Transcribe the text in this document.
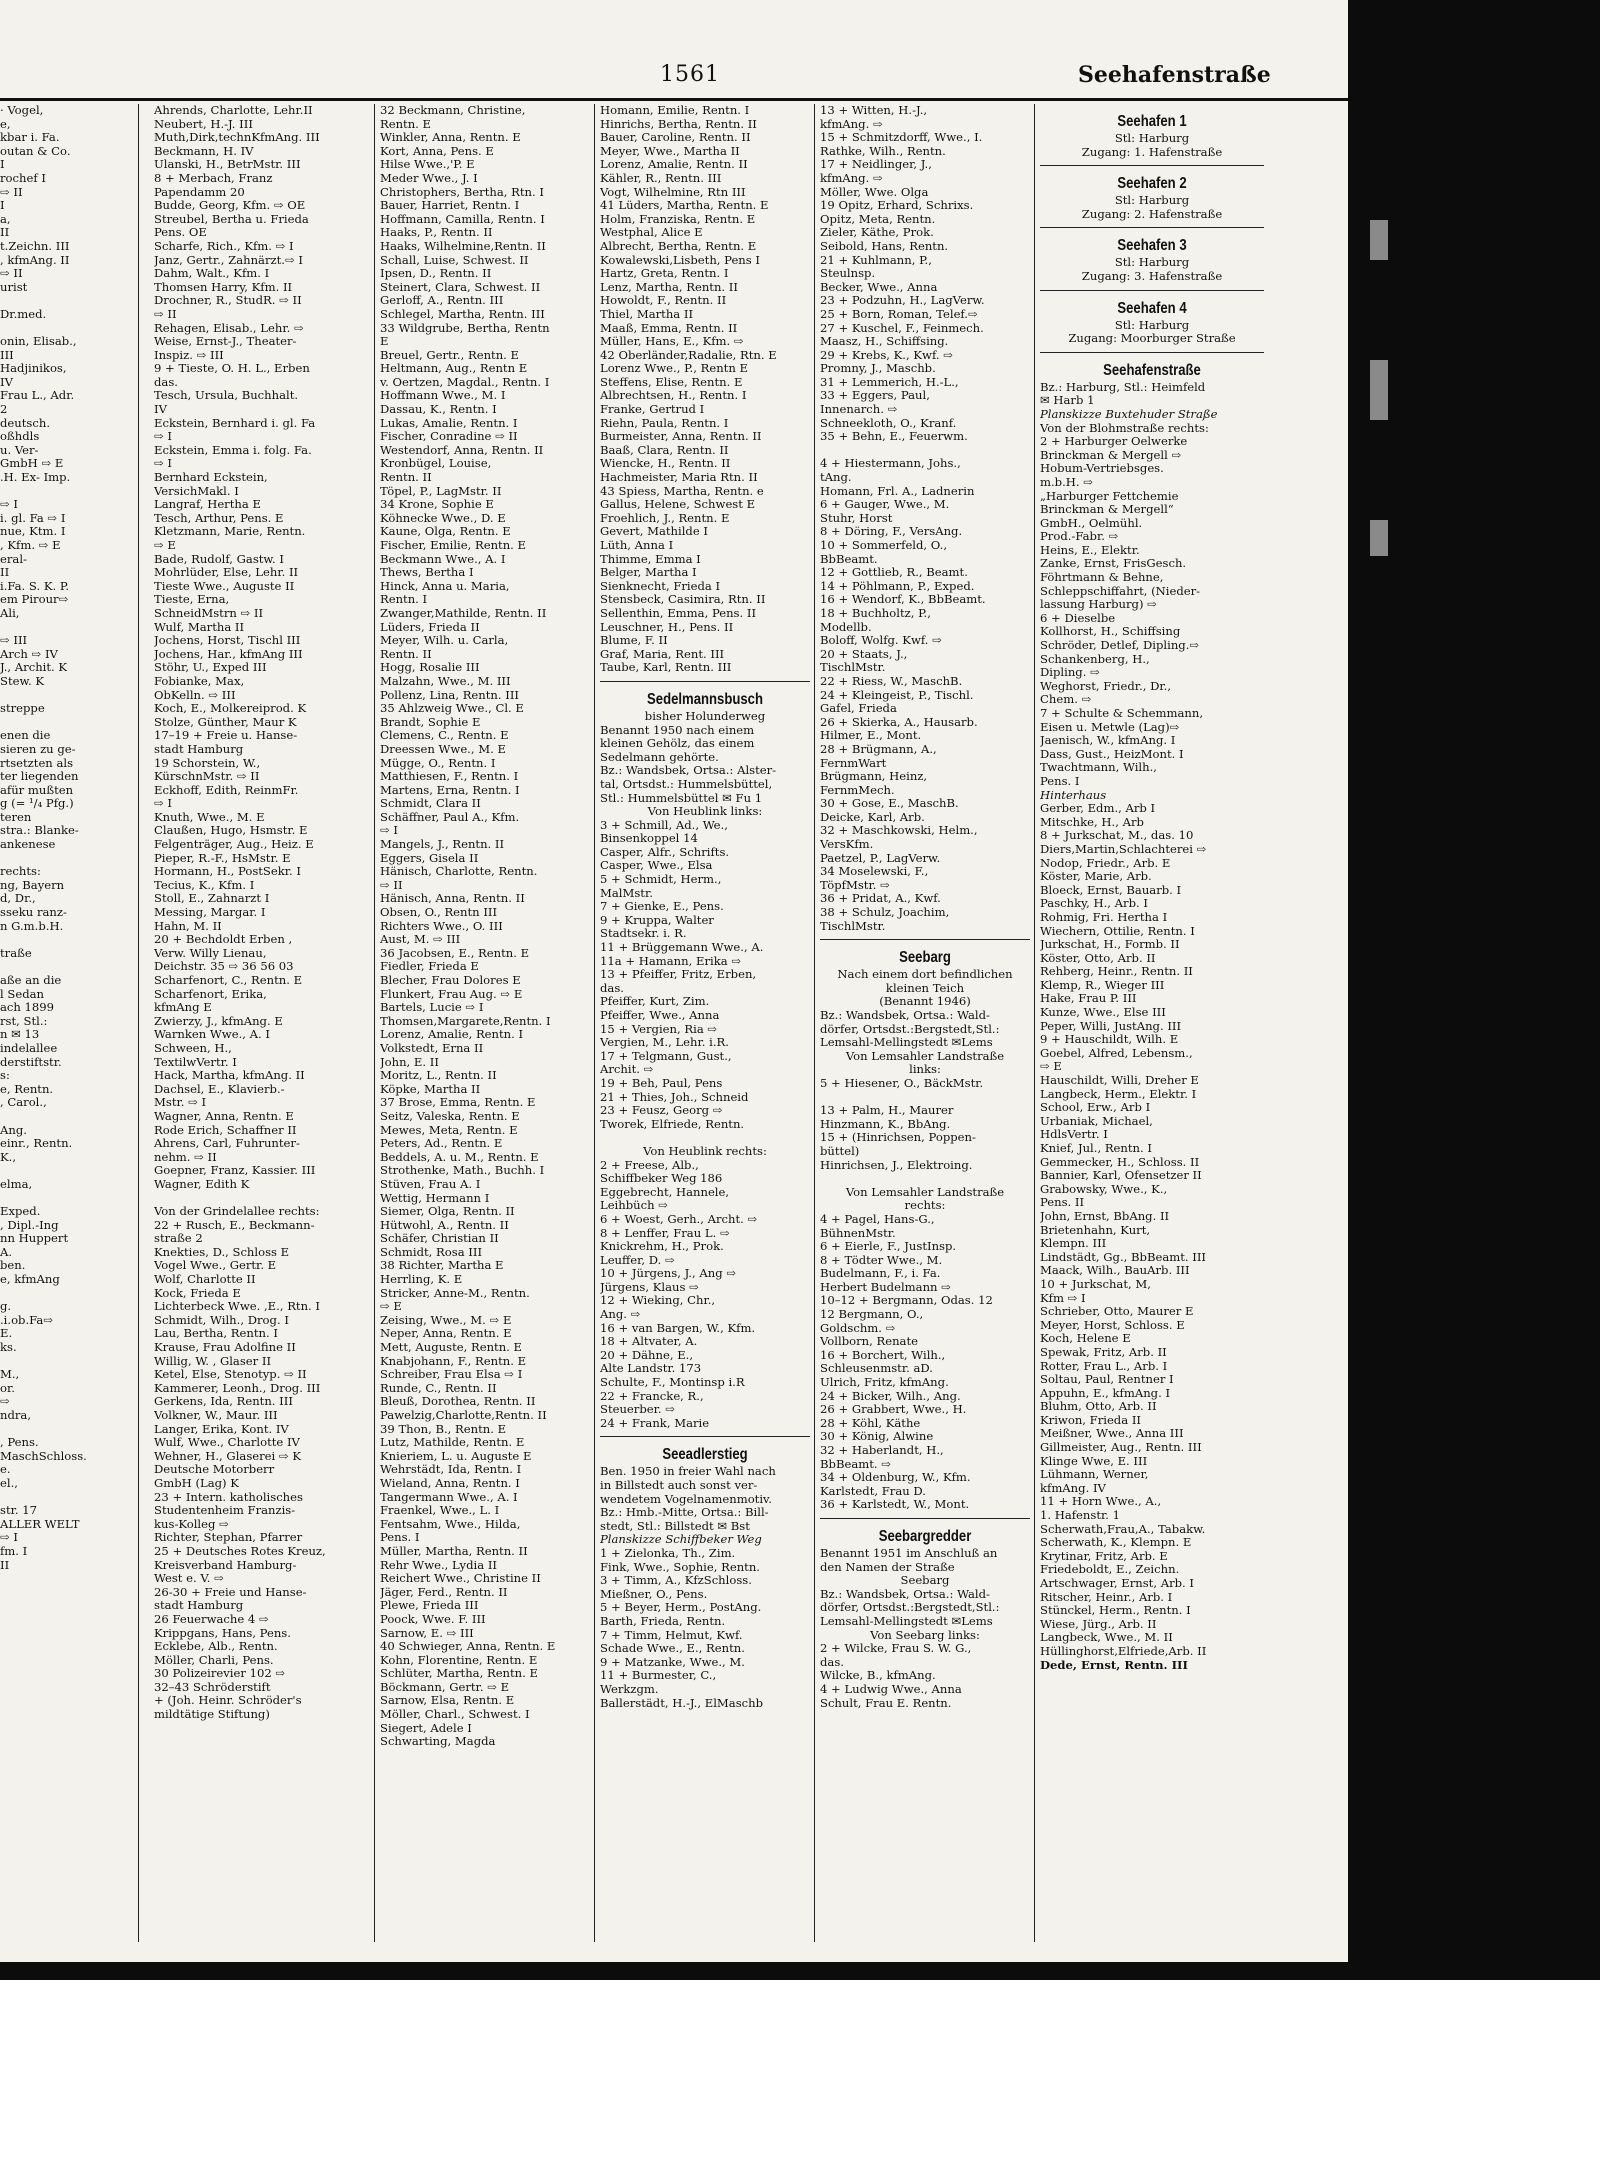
1561	Seehafenstraße
· Vogel,
e,
kbar i. Fa.
outan & Co.
I
rochef I
⇨ II
I
a,
II
t.Zeichn. III
, kfmAng. II
⇨ II
urist

Dr.med.

onin, Elisab.,
III
Hadjinikos,
IV
Frau L., Adr.
2
deutsch.
oßhdls
u. Ver-
GmbH ⇨ E
.H. Ex- Imp.

⇨ I
i. gl. Fa ⇨ I
nue, Ktm. I
, Kfm. ⇨ E
eral-
II
i.Fa. S. K. P.
em Pirour⇨
Ali,

⇨ III
Arch ⇨ IV
J., Archit. K
Stew. K

streppe

enen die
sieren zu ge-
rtsetzten als
ter liegenden
afür mußten
g (= ¹/₄ Pfg.)
teren
stra.: Blanke-
ankenese

rechts:
ng, Bayern
d, Dr.,
sseku ranz-
n G.m.b.H.

traße

aße an die
l Sedan
ach 1899
rst, Stl.:
n ✉ 13
indelallee
derstiftstr.
s:
e, Rentn.
, Carol.,

Ang.
einr., Rentn.
K.,

elma,

Exped.
, Dipl.-Ing
nn Huppert
A.
ben.
e, kfmAng

g.
.i.ob.Fa⇨
E.
ks.

M.,
or.
⇨
ndra,

, Pens.
MaschSchloss.
e.
el.,

str. 17
ALLER WELT
⇨ I
fm. I
II
Ahrends, Charlotte, Lehr.II
Neubert, H.-J. III
Muth,Dirk,technKfmAng. III
Beckmann, H. IV
Ulanski, H., BetrMstr. III
8 + Merbach, Franz
Papendamm 20
Budde, Georg, Kfm. ⇨ OE
Streubel, Bertha u. Frieda
Pens. OE
Scharfe, Rich., Kfm. ⇨ I
Janz, Gertr., Zahnärzt.⇨ I
Dahm, Walt., Kfm. I
Thomsen Harry, Kfm. II
Drochner, R., StudR. ⇨ II
⇨ II
Rehagen, Elisab., Lehr. ⇨
Weise, Ernst-J., Theater-
Inspiz. ⇨ III
9 + Tieste, O. H. L., Erben
das.
Tesch, Ursula, Buchhalt.
IV
Eckstein, Bernhard i. gl. Fa
⇨ I
Eckstein, Emma i. folg. Fa.
⇨ I
Bernhard Eckstein,
VersichMakl. I
Langraf, Hertha E
Tesch, Arthur, Pens. E
Kletzmann, Marie, Rentn.
⇨ E
Bade, Rudolf, Gastw. I
Mohrlüder, Else, Lehr. II
Tieste Wwe., Auguste II
Tieste, Erna,
SchneidMstrn ⇨ II
Wulf, Martha II
Jochens, Horst, Tischl III
Jochens, Har., kfmAng III
Stöhr, U., Exped III
Fobianke, Max,
ObKelln. ⇨ III
Koch, E., Molkereiprod. K
Stolze, Günther, Maur K
17–19 + Freie u. Hanse-
stadt Hamburg
19 Schorstein, W.,
KürschnMstr. ⇨ II
Eckhoff, Edith, ReinmFr.
⇨ I
Knuth, Wwe., M. E
Claußen, Hugo, Hsmstr. E
Felgenträger, Aug., Heiz. E
Pieper, R.-F., HsMstr. E
Hormann, H., PostSekr. I
Tecius, K., Kfm. I
Stoll, E., Zahnarzt I
Messing, Margar. I
Hahn, M. II
20 + Bechdoldt Erben ,
Verw. Willy Lienau,
Deichstr. 35 ⇨ 36 56 03
Scharfenort, C., Rentn. E
Scharfenort, Erika,
kfmAng E
Zwierzy, J., kfmAng. E
Warnken Wwe., A. I
Schween, H.,
TextilwVertr. I
Hack, Martha, kfmAng. II
Dachsel, E., Klavierb.-
Mstr. ⇨ I
Wagner, Anna, Rentn. E
Rode Erich, Schaffner II
Ahrens, Carl, Fuhrunter-
nehm. ⇨ II
Goepner, Franz, Kassier. III
Wagner, Edith K

Von der Grindelallee rechts:
22 + Rusch, E., Beckmann-
straße 2
Knekties, D., Schloss E
Vogel Wwe., Gertr. E
Wolf, Charlotte II
Kock, Frieda E
Lichterbeck Wwe. ,E., Rtn. I
Schmidt, Wilh., Drog. I
Lau, Bertha, Rentn. I
Krause, Frau Adolfine II
Willig, W. , Glaser II
Ketel, Else, Stenotyp. ⇨ II
Kammerer, Leonh., Drog. III
Gerkens, Ida, Rentn. III
Volkner, W., Maur. III
Langer, Erika, Kont. IV
Wulf, Wwe., Charlotte IV
Wehner, H., Glaserei ⇨ K
Deutsche Motorberr
GmbH (Lag) K
23 + Intern. katholisches
Studentenheim Franzis-
kus-Kolleg ⇨
Richter, Stephan, Pfarrer
25 + Deutsches Rotes Kreuz,
Kreisverband Hamburg-
West e. V. ⇨
26-30 + Freie und Hanse-
stadt Hamburg
26 Feuerwache 4 ⇨
Krippgans, Hans, Pens.
Ecklebe, Alb., Rentn.
Möller, Charli, Pens.
30 Polizeirevier 102 ⇨
32–43 Schröderstift
+ (Joh. Heinr. Schröder's
mildtätige Stiftung)
32 Beckmann, Christine,
Rentn. E
Winkler, Anna, Rentn. E
Kort, Anna, Pens. E
Hilse Wwe.,'P. E
Meder Wwe., J. I
Christophers, Bertha, Rtn. I
Bauer, Harriet, Rentn. I
Hoffmann, Camilla, Rentn. I
Haaks, P., Rentn. II
Haaks, Wilhelmine,Rentn. II
Schall, Luise, Schwest. II
Ipsen, D., Rentn. II
Steinert, Clara, Schwest. II
Gerloff, A., Rentn. III
Schlegel, Martha, Rentn. III
33 Wildgrube, Bertha, Rentn
E
Breuel, Gertr., Rentn. E
Heltmann, Aug., Rentn E
v. Oertzen, Magdal., Rentn. I
Hoffmann Wwe., M. I
Dassau, K., Rentn. I
Lukas, Amalie, Rentn. I
Fischer, Conradine ⇨ II
Westendorf, Anna, Rentn. II
Kronbügel, Louise,
Rentn. II
Töpel, P., LagMstr. II
34 Krone, Sophie E
Köhnecke Wwe., D. E
Kaune, Olga, Rentn. E
Fischer, Emilie, Rentn. E
Beckmann Wwe., A. I
Thews, Bertha I
Hinck, Anna u. Maria,
Rentn. I
Zwanger,Mathilde, Rentn. II
Lüders, Frieda II
Meyer, Wilh. u. Carla,
Rentn. II
Hogg, Rosalie III
Malzahn, Wwe., M. III
Pollenz, Lina, Rentn. III
35 Ahlzweig Wwe., Cl. E
Brandt, Sophie E
Clemens, C., Rentn. E
Dreessen Wwe., M. E
Mügge, O., Rentn. I
Matthiesen, F., Rentn. I
Martens, Erna, Rentn. I
Schmidt, Clara II
Schäffner, Paul A., Kfm.
⇨ I
Mangels, J., Rentn. II
Eggers, Gisela II
Hänisch, Charlotte, Rentn.
⇨ II
Hänisch, Anna, Rentn. II
Obsen, O., Rentn III
Richters Wwe., O. III
Aust, M. ⇨ III
36 Jacobsen, E., Rentn. E
Fiedler, Frieda E
Blecher, Frau Dolores E
Flunkert, Frau Aug. ⇨ E
Bartels, Lucie ⇨ I
Thomsen,Margarete,Rentn. I
Lorenz, Amalie, Rentn. I
Volkstedt, Erna II
John, E. II
Moritz, L., Rentn. II
Köpke, Martha II
37 Brose, Emma, Rentn. E
Seitz, Valeska, Rentn. E
Mewes, Meta, Rentn. E
Peters, Ad., Rentn. E
Beddels, A. u. M., Rentn. E
Strothenke, Math., Buchh. I
Stüven, Frau A. I
Wettig, Hermann I
Siemer, Olga, Rentn. II
Hütwohl, A., Rentn. II
Schäfer, Christian II
Schmidt, Rosa III
38 Richter, Martha E
Herrling, K. E
Stricker, Anne-M., Rentn.
⇨ E
Zeising, Wwe., M. ⇨ E
Neper, Anna, Rentn. E
Mett, Auguste, Rentn. E
Knabjohann, F., Rentn. E
Schreiber, Frau Elsa ⇨ I
Runde, C., Rentn. II
Bleuß, Dorothea, Rentn. II
Pawelzig,Charlotte,Rentn. II
39 Thon, B., Rentn. E
Lutz, Mathilde, Rentn. E
Knieriem, L. u. Auguste E
Wehrstädt, Ida, Rentn. I
Wieland, Anna, Rentn. I
Tangermann Wwe., A. I
Fraenkel, Wwe., L. I
Fentsahm, Wwe., Hilda,
Pens. I
Müller, Martha, Rentn. II
Rehr Wwe., Lydia II
Reichert Wwe., Christine II
Jäger, Ferd., Rentn. II
Plewe, Frieda III
Poock, Wwe. F. III
Sarnow, E. ⇨ III
40 Schwieger, Anna, Rentn. E
Kohn, Florentine, Rentn. E
Schlüter, Martha, Rentn. E
Böckmann, Gertr. ⇨ E
Sarnow, Elsa, Rentn. E
Möller, Charl., Schwest. I
Siegert, Adele I
Schwarting, Magda
Homann, Emilie, Rentn. I
Hinrichs, Bertha, Rentn. II
Bauer, Caroline, Rentn. II
Meyer, Wwe., Martha II
Lorenz, Amalie, Rentn. II
Kähler, R., Rentn. III
Vogt, Wilhelmine, Rtn III
41 Lüders, Martha, Rentn. E
Holm, Franziska, Rentn. E
Westphal, Alice E
Albrecht, Bertha, Rentn. E
Kowalewski,Lisbeth, Pens I
Hartz, Greta, Rentn. I
Lenz, Martha, Rentn. II
Howoldt, F., Rentn. II
Thiel, Martha II
Maaß, Emma, Rentn. II
Müller, Hans, E., Kfm. ⇨
42 Oberländer,Radalie, Rtn. E
Lorenz Wwe., P., Rentn E
Steffens, Elise, Rentn. E
Albrechtsen, H., Rentn. I
Franke, Gertrud I
Riehn, Paula, Rentn. I
Burmeister, Anna, Rentn. II
Baaß, Clara, Rentn. II
Wiencke, H., Rentn. II
Hachmeister, Maria Rtn. II
43 Spiess, Martha, Rentn. e
Gallus, Helene, Schwest E
Froehlich, J., Rentn. E
Gevert, Mathilde I
Lüth, Anna I
Thimme, Emma I
Belger, Martha I
Sienknecht, Frieda I
Stensbeck, Casimira, Rtn. II
Sellenthin, Emma, Pens. II
Leuschner, H., Pens. II
Blume, F. II
Graf, Maria, Rent. III
Taube, Karl, Rentn. III
Sedelmannsbusch
bisher Holunderweg
Benannt 1950 nach einem
kleinen Gehölz, das einem
Sedelmann gehörte.
Bz.: Wandsbek, Ortsa.: Alster-
tal, Ortsdst.: Hummelsbüttel,
Stl.: Hummelsbüttel ✉ Fu 1
Von Heublink links:
3 + Schmill, Ad., We.,
Binsenkoppel 14
Casper, Alfr., Schrifts.
Casper, Wwe., Elsa
5 + Schmidt, Herm.,
MalMstr.
7 + Gienke, E., Pens.
9 + Kruppa, Walter
Stadtsekr. i. R.
11 + Brüggemann Wwe., A.
11a + Hamann, Erika ⇨
13 + Pfeiffer, Fritz, Erben,
das.
Pfeiffer, Kurt, Zim.
Pfeiffer, Wwe., Anna
15 + Vergien, Ria ⇨
Vergien, M., Lehr. i.R.
17 + Telgmann, Gust.,
Archit. ⇨
19 + Beh, Paul, Pens
21 + Thies, Joh., Schneid
23 + Feusz, Georg ⇨
Tworek, Elfriede, Rentn.

Von Heublink rechts:
2 + Freese, Alb.,
Schiffbeker Weg 186
Eggebrecht, Hannele,
Leihbüch ⇨
6 + Woest, Gerh., Archt. ⇨
8 + Lenffer, Frau L. ⇨
Knickrehm, H., Prok.
Leuffer, D. ⇨
10 + Jürgens, J., Ang ⇨
Jürgens, Klaus ⇨
12 + Wieking, Chr.,
Ang. ⇨
16 + van Bargen, W., Kfm.
18 + Altvater, A.
20 + Dähne, E.,
Alte Landstr. 173
Schulte, F., Montinsp i.R
22 + Francke, R.,
Steuerber. ⇨
24 + Frank, Marie
Seeadlerstieg
Ben. 1950 in freier Wahl nach
in Billstedt auch sonst ver-
wendetem Vogelnamenmotiv.
Bz.: Hmb.-Mitte, Ortsa.: Bill-
stedt, Stl.: Billstedt ✉ Bst
Planskizze Schiffbeker Weg
1 + Zielonka, Th., Zim.
Fink, Wwe., Sophie, Rentn.
3 + Timm, A., KfzSchloss.
Mießner, O., Pens.
5 + Beyer, Herm., PostAng.
Barth, Frieda, Rentn.
7 + Timm, Helmut, Kwf.
Schade Wwe., E., Rentn.
9 + Matzanke, Wwe., M.
11 + Burmester, C.,
Werkzgm.
Ballerstädt, H.-J., ElMaschb
13 + Witten, H.-J.,
kfmAng. ⇨
15 + Schmitzdorff, Wwe., I.
Rathke, Wilh., Rentn.
17 + Neidlinger, J.,
kfmAng. ⇨
Möller, Wwe. Olga
19 Opitz, Erhard, Schrixs.
Opitz, Meta, Rentn.
Zieler, Käthe, Prok.
Seibold, Hans, Rentn.
21 + Kuhlmann, P.,
Steulnsp.
Becker, Wwe., Anna
23 + Podzuhn, H., LagVerw.
25 + Born, Roman, Telef.⇨
27 + Kuschel, F., Feinmech.
Maasz, H., Schiffsing.
29 + Krebs, K., Kwf. ⇨
Promny, J., Maschb.
31 + Lemmerich, H.-L.,
33 + Eggers, Paul,
Innenarch. ⇨
Schneekloth, O., Kranf.
35 + Behn, E., Feuerwm.

4 + Hiestermann, Johs.,
tAng.
Homann, Frl. A., Ladnerin
6 + Gauger, Wwe., M.
Stuhr, Horst
8 + Döring, F., VersAng.
10 + Sommerfeld, O.,
BbBeamt.
12 + Gottlieb, R., Beamt.
14 + Pöhlmann, P., Exped.
16 + Wendorf, K., BbBeamt.
18 + Buchholtz, P.,
Modellb.
Boloff, Wolfg. Kwf. ⇨
20 + Staats, J.,
TischlMstr.
22 + Riess, W., MaschB.
24 + Kleingeist, P., Tischl.
Gafel, Frieda
26 + Skierka, A., Hausarb.
Hilmer, E., Mont.
28 + Brügmann, A.,
FernmWart
Brügmann, Heinz,
FernmMech.
30 + Gose, E., MaschB.
Deicke, Karl, Arb.
32 + Maschkowski, Helm.,
VersKfm.
Paetzel, P., LagVerw.
34 Moselewski, F.,
TöpfMstr. ⇨
36 + Pridat, A., Kwf.
38 + Schulz, Joachim,
TischlMstr.
Seebarg
Nach einem dort befindlichen
kleinen Teich
(Benannt 1946)
Bz.: Wandsbek, Ortsa.: Wald-
dörfer, Ortsdst.:Bergstedt,Stl.:
Lemsahl-Mellingstedt ✉Lems
Von Lemsahler Landstraße
links:
5 + Hiesener, O., BäckMstr.

13 + Palm, H., Maurer
Hinzmann, K., BbAng.
15 + (Hinrichsen, Poppen-
büttel)
Hinrichsen, J., Elektroing.

Von Lemsahler Landstraße
rechts:
4 + Pagel, Hans-G.,
BühnenMstr.
6 + Eierle, F., JustInsp.
8 + Tödter Wwe., M.
Budelmann, F., i. Fa.
Herbert Budelmann ⇨
10–12 + Bergmann, Odas. 12
12 Bergmann, O.,
Goldschm. ⇨
Vollborn, Renate
16 + Borchert, Wilh.,
Schleusenmstr. aD.
Ulrich, Fritz, kfmAng.
24 + Bicker, Wilh., Ang.
26 + Grabbert, Wwe., H.
28 + Köhl, Käthe
30 + König, Alwine
32 + Haberlandt, H.,
BbBeamt. ⇨
34 + Oldenburg, W., Kfm.
Karlstedt, Frau D.
36 + Karlstedt, W., Mont.
Seebargredder
Benannt 1951 im Anschluß an
den Namen der Straße
Seebarg
Bz.: Wandsbek, Ortsa.: Wald-
dörfer, Ortsdst.:Bergstedt,Stl.:
Lemsahl-Mellingstedt ✉Lems
Von Seebarg links:
2 + Wilcke, Frau S. W. G.,
das.
Wilcke, B., kfmAng.
4 + Ludwig Wwe., Anna
Schult, Frau E. Rentn.
Seehafen 1
Stl: Harburg
Zugang: 1. Hafenstraße
Seehafen 2
Stl: Harburg
Zugang: 2. Hafenstraße
Seehafen 3
Stl: Harburg
Zugang: 3. Hafenstraße
Seehafen 4
Stl: Harburg
Zugang: Moorburger Straße
Seehafenstraße
Bz.: Harburg, Stl.: Heimfeld
✉ Harb 1
Planskizze Buxtehuder Straße
Von der Blohmstraße rechts:
2 + Harburger Oelwerke
Brinckman & Mergell ⇨
Hobum-Vertriebsges.
m.b.H. ⇨
„Harburger Fettchemie
Brinckman & Mergell“
GmbH., Oelmühl.
Prod.-Fabr. ⇨
Heins, E., Elektr.
Zanke, Ernst, FrisGesch.
Föhrtmann & Behne,
Schleppschiffahrt, (Nieder-
lassung Harburg) ⇨
6 + Dieselbe
Kollhorst, H., Schiffsing
Schröder, Detlef, Dipling.⇨
Schankenberg, H.,
Dipling. ⇨
Weghorst, Friedr., Dr.,
Chem. ⇨
7 + Schulte & Schemmann,
Eisen u. Metwle (Lag)⇨
Jaenisch, W., kfmAng. I
Dass, Gust., HeizMont. I
Twachtmann, Wilh.,
Pens. I
Hinterhaus
Gerber, Edm., Arb I
Mitschke, H., Arb
8 + Jurkschat, M., das. 10
Diers,Martin,Schlachterei ⇨
Nodop, Friedr., Arb. E
Köster, Marie, Arb.
Bloeck, Ernst, Bauarb. I
Paschky, H., Arb. I
Rohmig, Fri. Hertha I
Wiechern, Ottilie, Rentn. I
Jurkschat, H., Formb. II
Köster, Otto, Arb. II
Rehberg, Heinr., Rentn. II
Klemp, R., Wieger III
Hake, Frau P. III
Kunze, Wwe., Else III
Peper, Willi, JustAng. III
9 + Hauschildt, Wilh. E
Goebel, Alfred, Lebensm.,
⇨ E
Hauschildt, Willi, Dreher E
Langbeck, Herm., Elektr. I
School, Erw., Arb I
Urbaniak, Michael,
HdlsVertr. I
Knief, Jul., Rentn. I
Gemmecker, H., Schloss. II
Bannier, Karl, Ofensetzer II
Grabowsky, Wwe., K.,
Pens. II
John, Ernst, BbAng. II
Brietenhahn, Kurt,
Klempn. III
Lindstädt, Gg., BbBeamt. III
Maack, Wilh., BauArb. III
10 + Jurkschat, M,
Kfm ⇨ I
Schrieber, Otto, Maurer E
Meyer, Horst, Schloss. E
Koch, Helene E
Spewak, Fritz, Arb. II
Rotter, Frau L., Arb. I
Soltau, Paul, Rentner I
Appuhn, E., kfmAng. I
Bluhm, Otto, Arb. II
Kriwon, Frieda II
Meißner, Wwe., Anna III
Gillmeister, Aug., Rentn. III
Klinge Wwe, E. III
Lühmann, Werner,
kfmAng. IV
11 + Horn Wwe., A.,
1. Hafenstr. 1
Scherwath,Frau,A., Tabakw.
Scherwath, K., Klempn. E
Krytinar, Fritz, Arb. E
Friedeboldt, E., Zeichn.
Artschwager, Ernst, Arb. I
Ritscher, Heinr., Arb. I
Stünckel, Herm., Rentn. I
Wiese, Jürg., Arb. II
Langbeck, Wwe., M. II
Hüllinghorst,Elfriede,Arb. II
Dede, Ernst, Rentn. III
